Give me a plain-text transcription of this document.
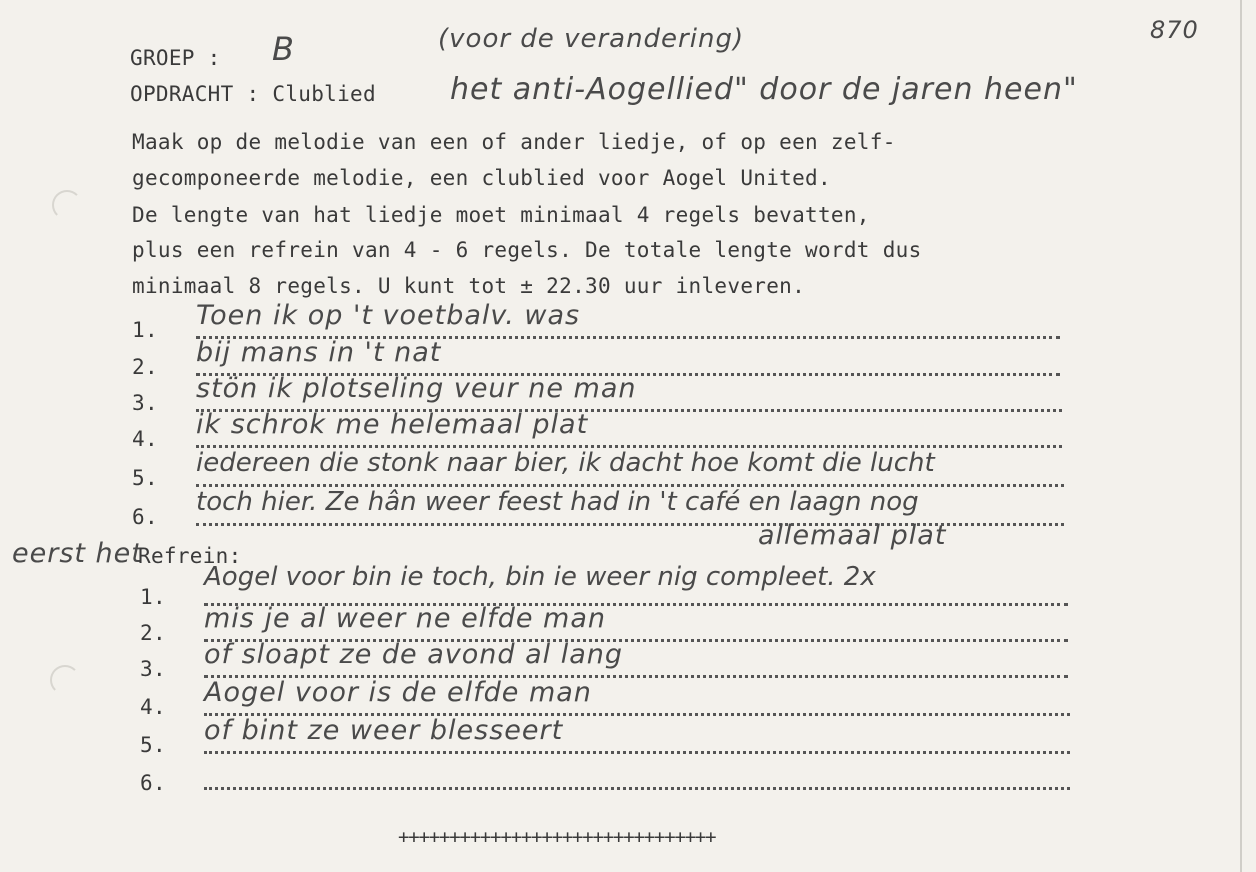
870
GROEP : B	(voor de verandering)
OPDRACHT : Clublied het anti-Aogellied" door de jaren heen"
Maak op de melodie van een of ander liedje, of op een zelf-
gecomponeerde melodie, een clublied voor Aogel United.
De lengte van hat liedje moet minimaal 4 regels bevatten,
plus een refrein van 4 - 6 regels. De totale lengte wordt dus
minimaal 8 regels. U kunt tot ± 22.30 uur inleveren.
1. Toen ik op 't voetbalv. was
2. bij mans in 't nat
3. stön ik plotseling veur ne man
4. ik schrok me helemaal plat
5. iedereen die stonk naar bier, ik dacht hoe komt die lucht
6. toch hier. Ze hân weer feest had in 't café en laagn nog
allemaal plat
eerst het
Refrein:
1.
Aogel voor bin ie toch, bin ie weer nig compleet. 2x
2. mis je al weer ne elfde man
3. of sloapt ze de avond al lang
4. Aogel voor is de elfde man
5. of bint ze weer blesseert
6.
+++++++++++++++++++++++++++++++
